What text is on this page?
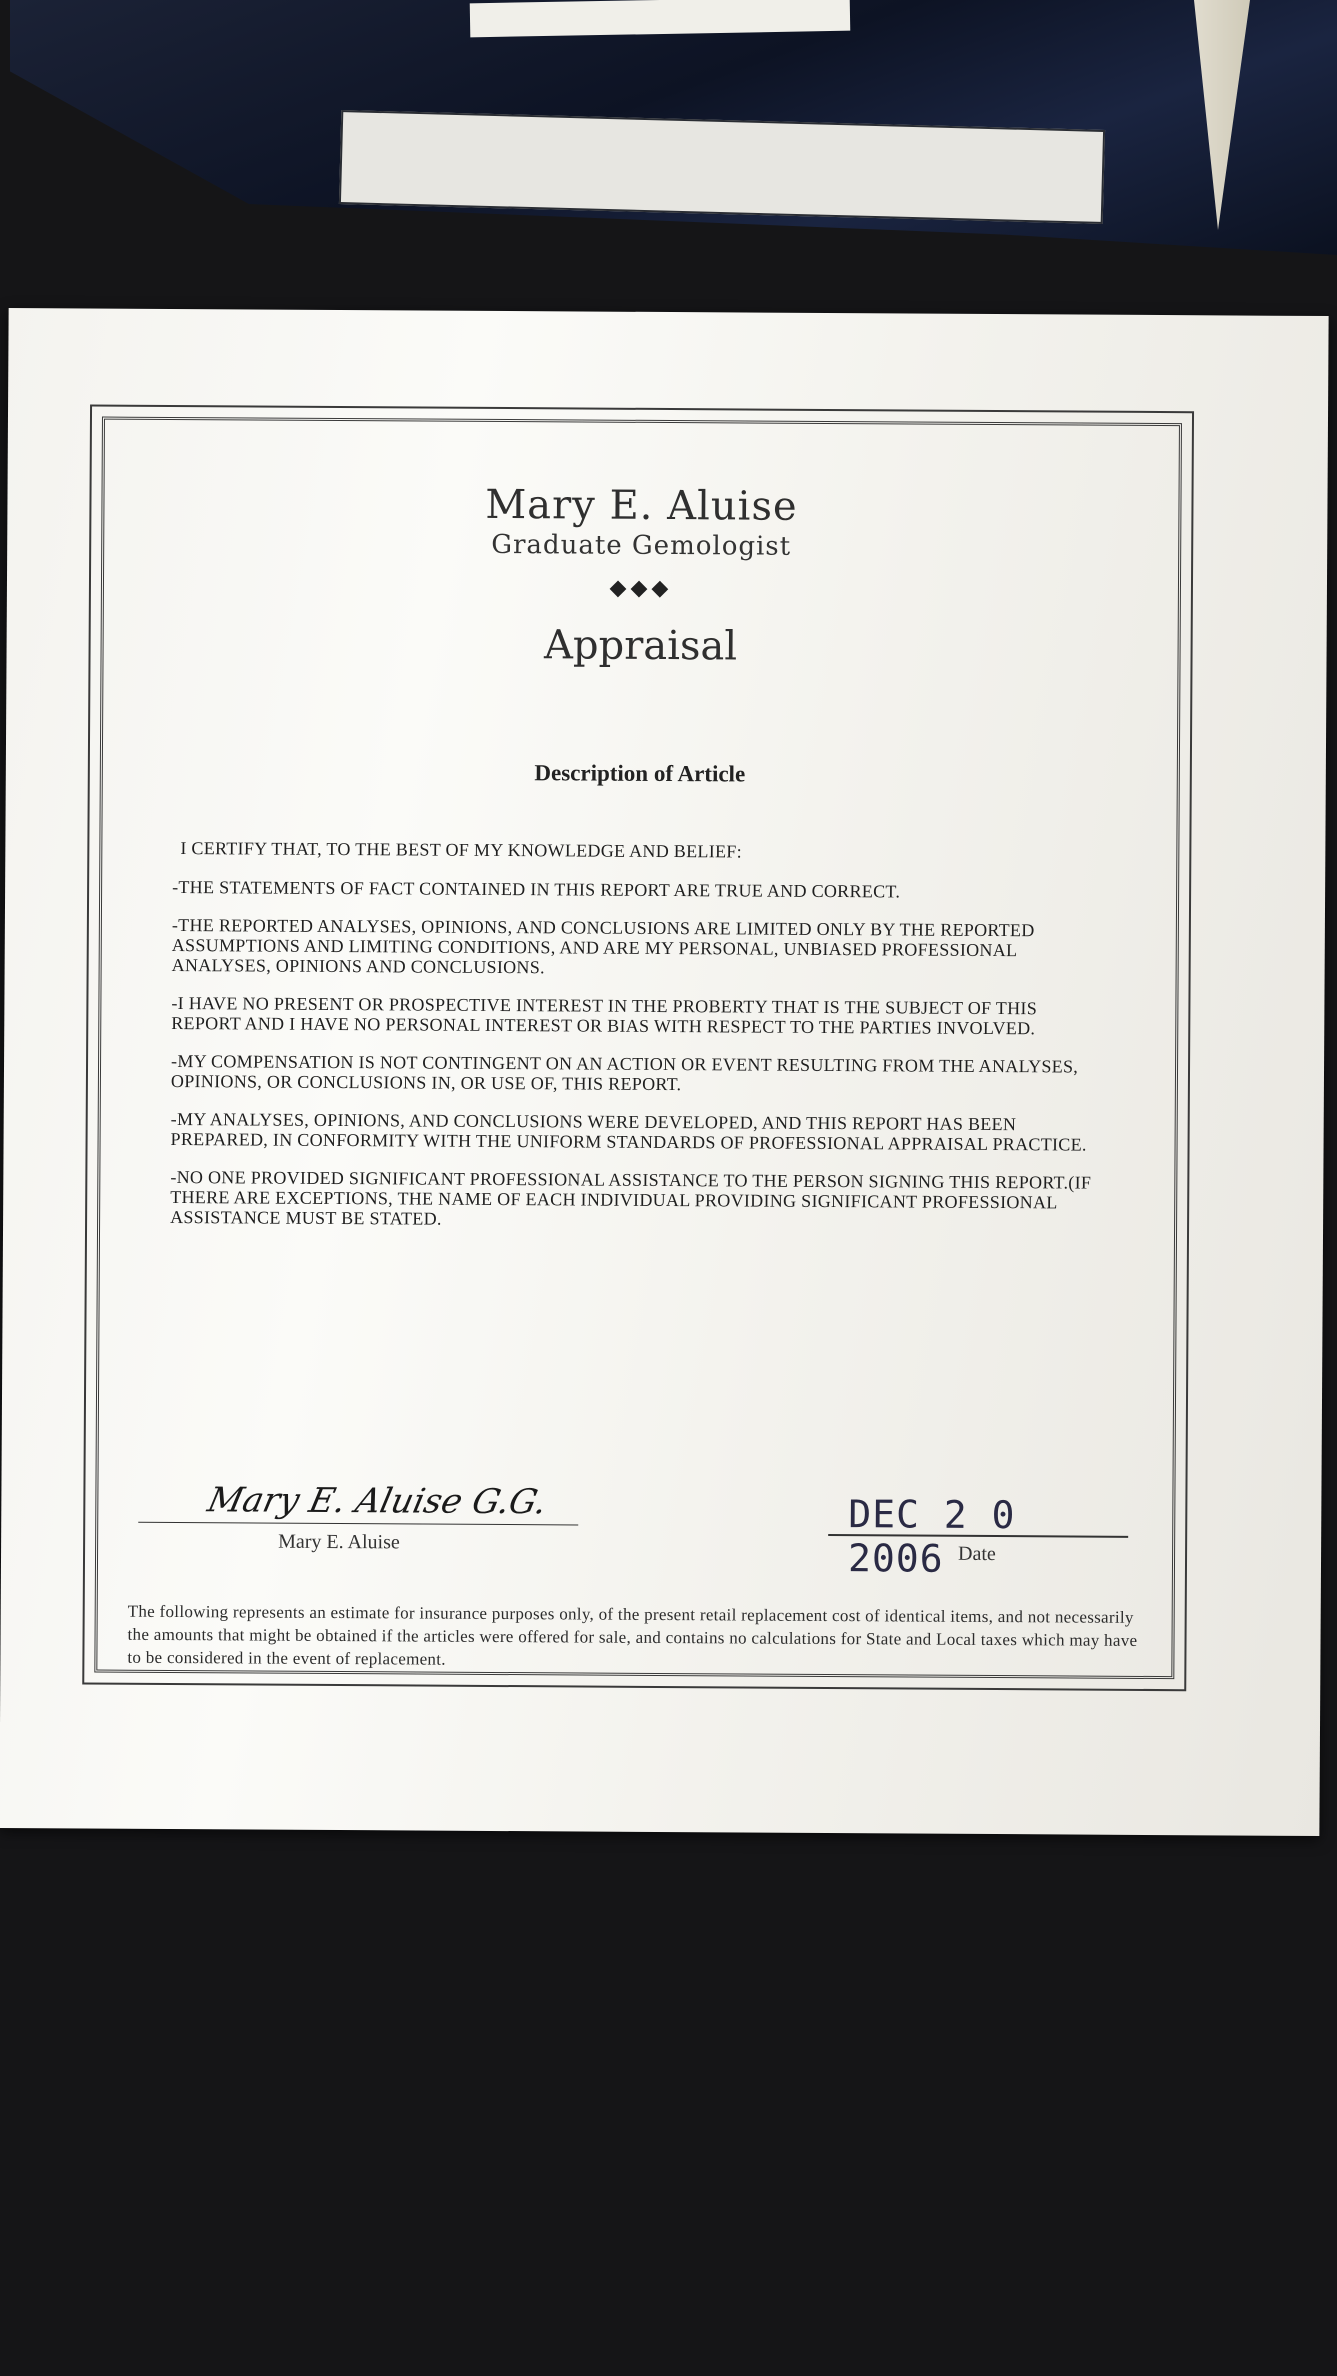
Mary E. Aluise
Graduate Gemologist
◆◆◆
Appraisal
Description of Article
I CERTIFY THAT, TO THE BEST OF MY KNOWLEDGE AND BELIEF:
-THE STATEMENTS OF FACT CONTAINED IN THIS REPORT ARE TRUE AND CORRECT.
-THE REPORTED ANALYSES, OPINIONS, AND CONCLUSIONS ARE LIMITED ONLY BY THE REPORTED ASSUMPTIONS AND LIMITING CONDITIONS, AND ARE MY PERSONAL, UNBIASED PROFESSIONAL ANALYSES, OPINIONS AND CONCLUSIONS.
-I HAVE NO PRESENT OR PROSPECTIVE INTEREST IN THE PROBERTY THAT IS THE SUBJECT OF THIS REPORT AND I HAVE NO PERSONAL INTEREST OR BIAS WITH RESPECT TO THE PARTIES INVOLVED.
-MY COMPENSATION IS NOT CONTINGENT ON AN ACTION OR EVENT RESULTING FROM THE ANALYSES, OPINIONS, OR CONCLUSIONS IN, OR USE OF, THIS REPORT.
-MY ANALYSES, OPINIONS, AND CONCLUSIONS WERE DEVELOPED, AND THIS REPORT HAS BEEN PREPARED, IN CONFORMITY WITH THE UNIFORM STANDARDS OF PROFESSIONAL APPRAISAL PRACTICE.
-NO ONE PROVIDED SIGNIFICANT PROFESSIONAL ASSISTANCE TO THE PERSON SIGNING THIS REPORT.(IF THERE ARE EXCEPTIONS, THE NAME OF EACH INDIVIDUAL PROVIDING SIGNIFICANT PROFESSIONAL ASSISTANCE MUST BE STATED.
Mary E. Aluise G.G.
Mary E. Aluise
DEC 2 0 2006 Date
The following represents an estimate for insurance purposes only, of the present retail replacement cost of identical items, and not necessarily the amounts that might be obtained if the articles were offered for sale, and contains no calculations for State and Local taxes which may have to be considered in the event of replacement.
